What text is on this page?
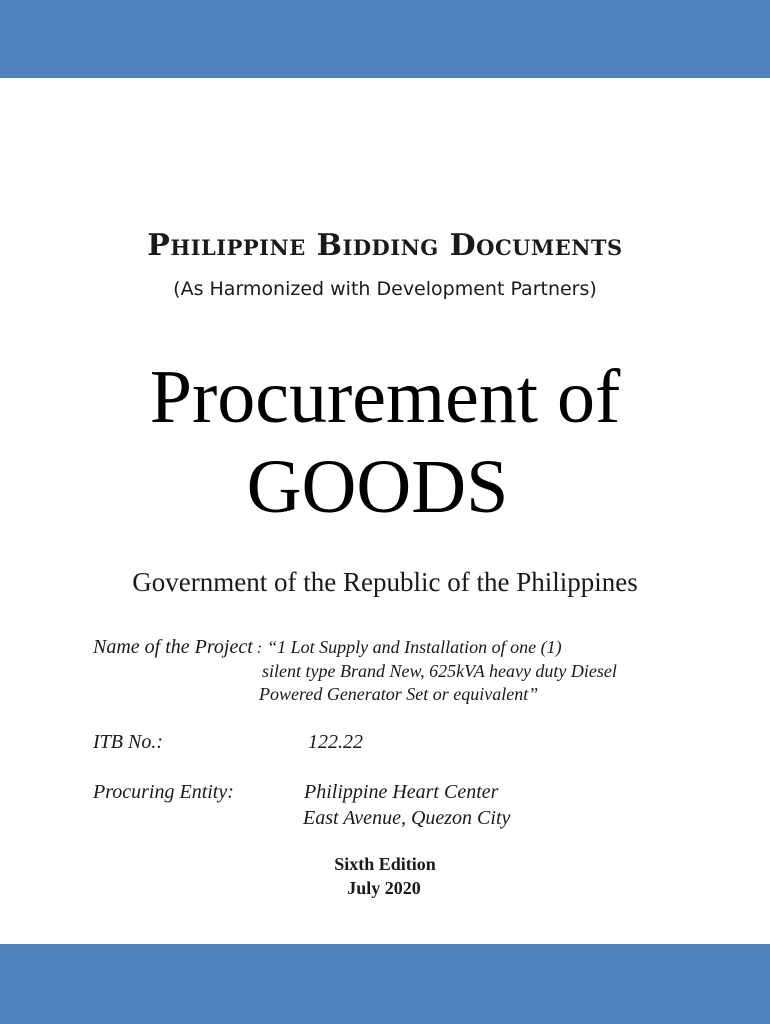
Philippine Bidding Documents
(As Harmonized with Development Partners)
Procurement of
GOODS
Government of the Republic of the Philippines
Name of the Project : “1 Lot Supply and Installation of one (1)
silent type Brand New, 625kVA heavy duty Diesel
Powered Generator Set or equivalent”
ITB No.:	122.22
Procuring Entity:	Philippine Heart Center
East Avenue, Quezon City
Sixth Edition
July 2020
